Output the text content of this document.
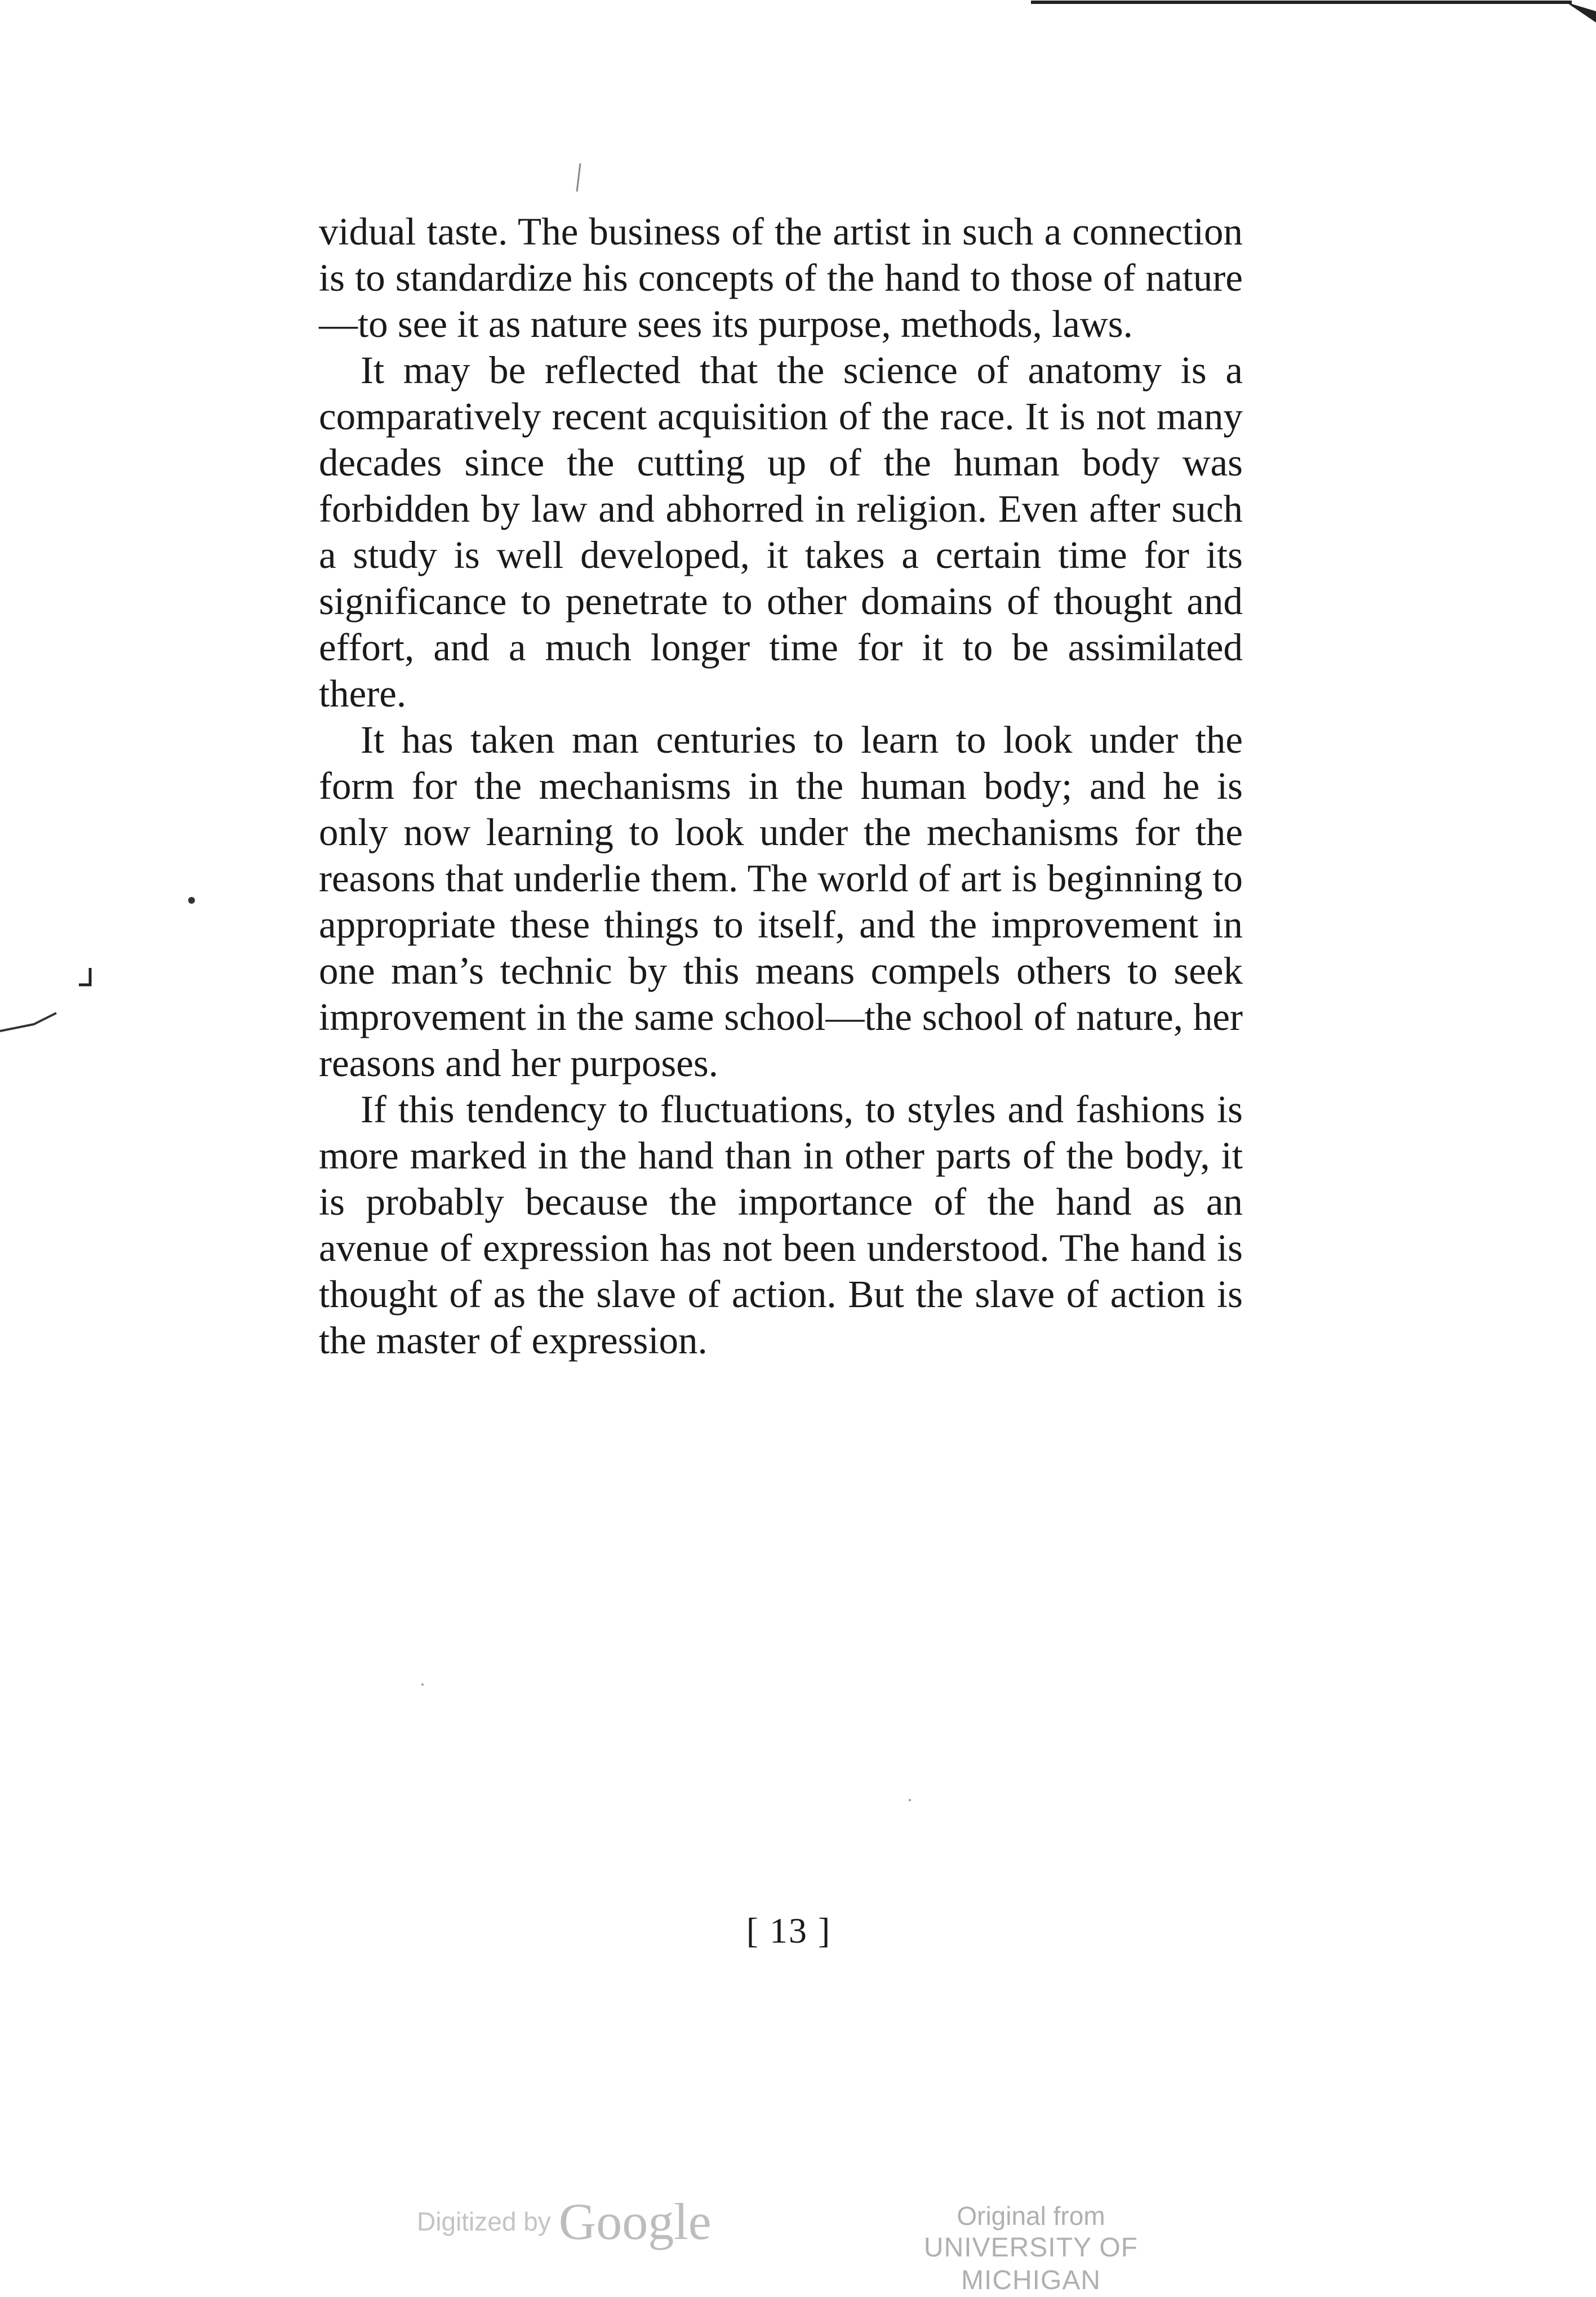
vidual taste. The business of the artist in such a connection is to standardize his concepts of the hand to those of nature—to see it as nature sees its purpose, methods, laws.

It may be reflected that the science of anatomy is a comparatively recent acquisition of the race. It is not many decades since the cutting up of the human body was forbidden by law and abhorred in religion. Even after such a study is well developed, it takes a certain time for its significance to penetrate to other domains of thought and effort, and a much longer time for it to be assimilated there.

It has taken man centuries to learn to look under the form for the mechanisms in the human body; and he is only now learning to look under the mechanisms for the reasons that underlie them. The world of art is beginning to appropriate these things to itself, and the improvement in one man’s technic by this means compels others to seek improvement in the same school—the school of nature, her reasons and her purposes.

If this tendency to fluctuations, to styles and fashions is more marked in the hand than in other parts of the body, it is probably because the importance of the hand as an avenue of expression has not been understood. The hand is thought of as the slave of action. But the slave of action is the master of expression.

[ 13 ]
Digitized by Google	Original from
UNIVERSITY OF MICHIGAN
